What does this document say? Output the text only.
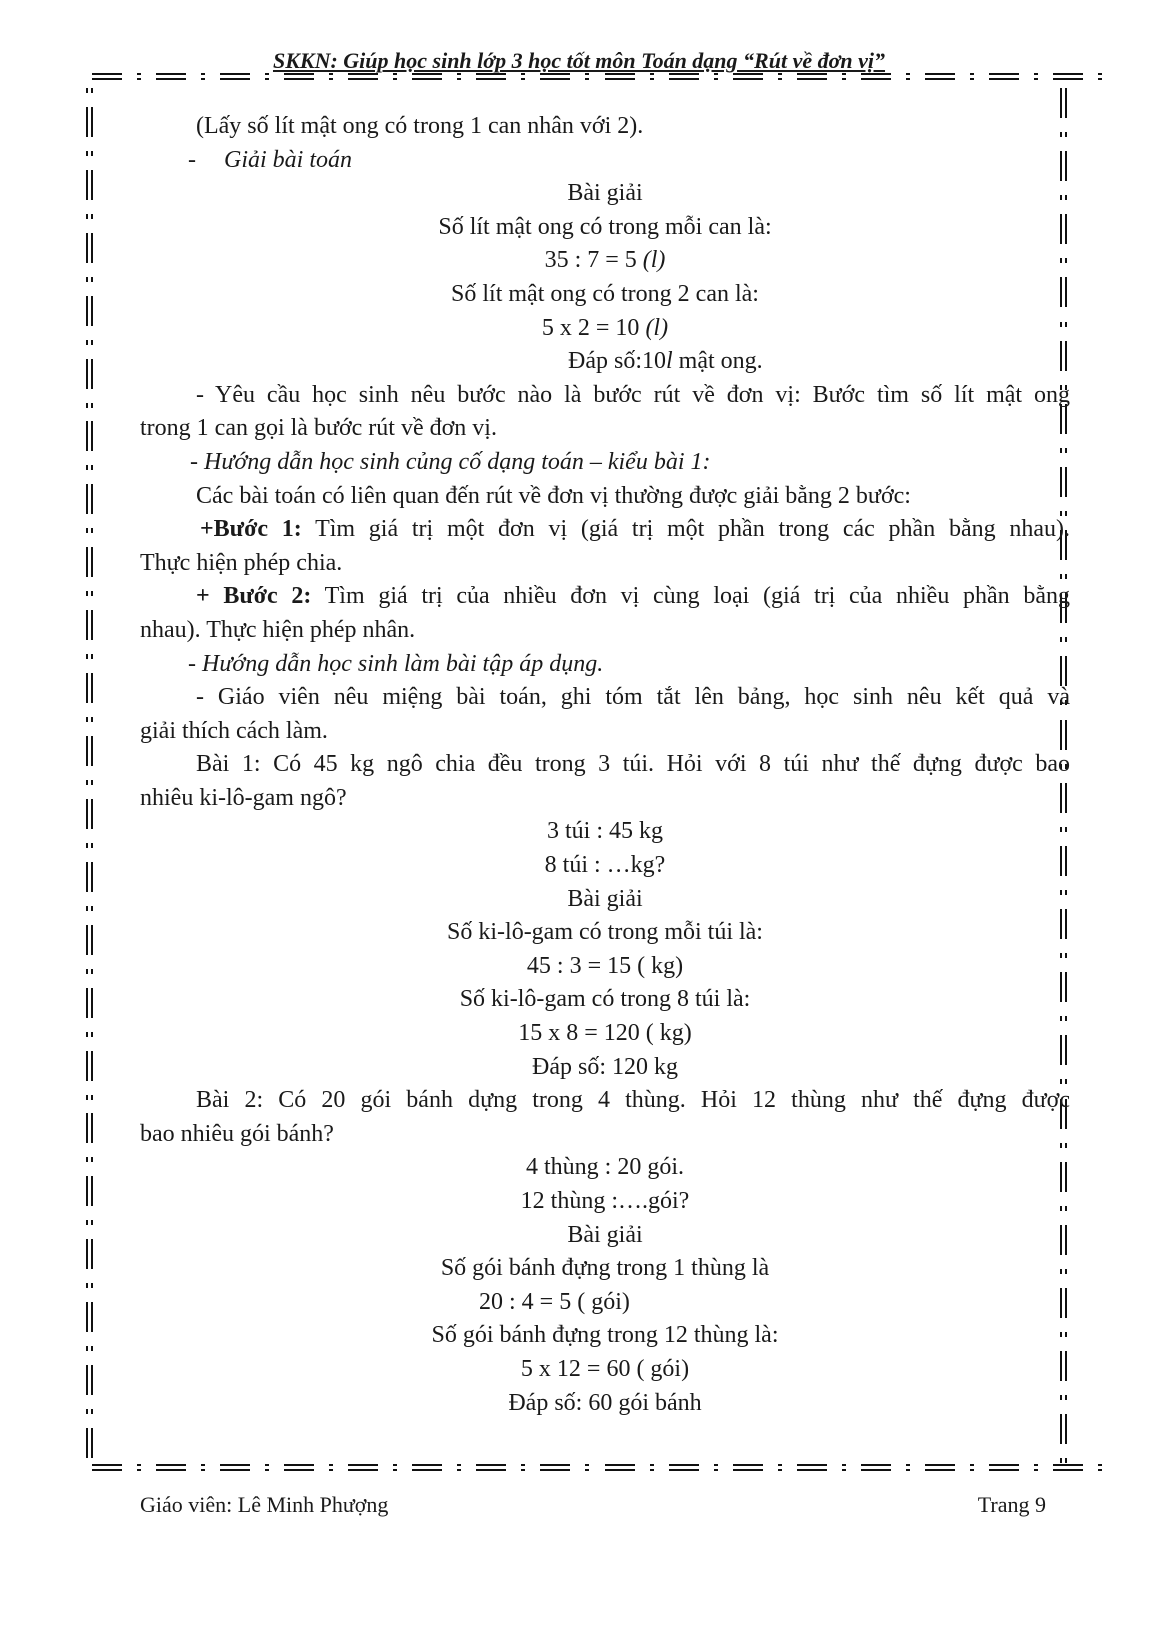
SKKN: Giúp học sinh lớp 3 học tốt môn Toán dạng “Rút về đơn vị”
(Lấy số lít mật ong có trong 1 can nhân với 2).
- Giải bài toán
Bài giải
Số lít mật ong có trong mỗi can là:
35 : 7 = 5 (l)
Số lít mật ong có trong 2 can là:
5 x 2 = 10 (l)
Đáp số:10l mật ong.
- Yêu cầu học sinh nêu bước nào là bước rút về đơn vị: Bước tìm số lít mật ong
trong 1 can gọi là bước rút về đơn vị.
- Hướng dẫn học sinh củng cố dạng toán – kiểu bài 1:
Các bài toán có liên quan đến rút về đơn vị thường được giải bằng 2 bước:
+Bước 1: Tìm giá trị một đơn vị (giá trị một phần trong các phần bằng nhau).
Thực hiện phép chia.
+ Bước 2: Tìm giá trị của nhiều đơn vị cùng loại (giá trị của nhiều phần bằng
nhau). Thực hiện phép nhân.
- Hướng dẫn học sinh làm bài tập áp dụng.
- Giáo viên nêu miệng bài toán, ghi tóm tắt lên bảng, học sinh nêu kết quả và
giải thích cách làm.
Bài 1: Có 45 kg ngô chia đều trong 3 túi. Hỏi với 8 túi như thế đựng được bao
nhiêu ki-lô-gam ngô?
3 túi : 45 kg
8 túi : …kg?
Bài giải
Số ki-lô-gam có trong mỗi túi là:
45 : 3 = 15 ( kg)
Số ki-lô-gam có trong 8 túi là:
15 x 8 = 120 ( kg)
Đáp số: 120 kg
Bài 2: Có 20 gói bánh dựng trong 4 thùng. Hỏi 12 thùng như thế đựng được
bao nhiêu gói bánh?
4 thùng : 20 gói.
12 thùng :….gói?
Bài giải
Số gói bánh đựng trong 1 thùng là
20 : 4 = 5 ( gói)
Số gói bánh đựng trong 12 thùng là:
5 x 12 = 60 ( gói)
Đáp số: 60 gói bánh
Giáo viên: Lê Minh Phượng	Trang 9
